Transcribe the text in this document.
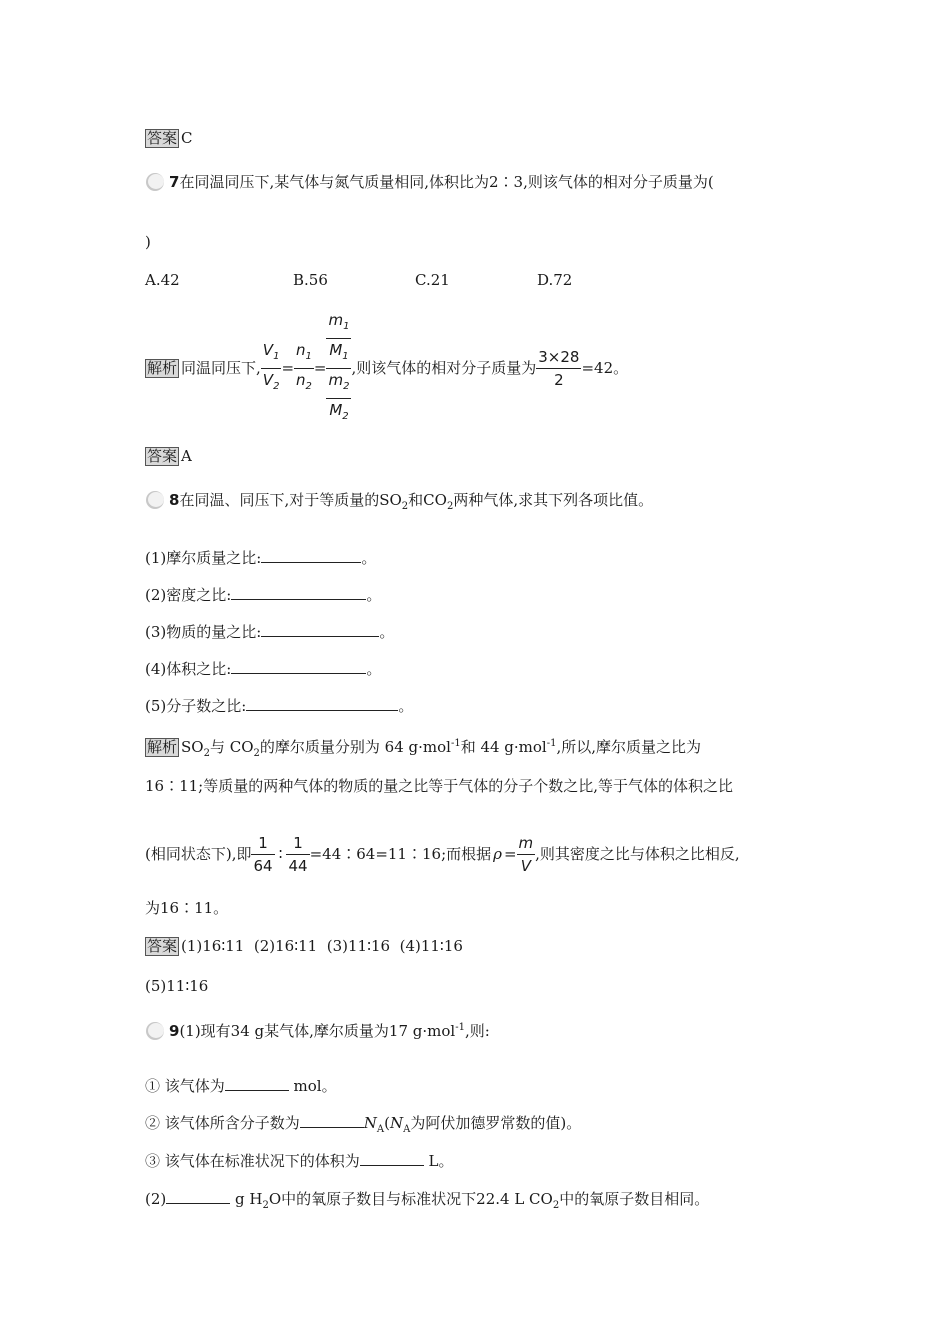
答案 C
7在同温同压下,某气体与氮气质量相同,体积比为2∶3,则该气体的相对分子质量为(
)
A.42	B.56	C.21	D.72
解析 同温同压下, $\frac{V_1}{V_2} = \frac{n_1}{n_2} = \frac{\frac{m_1}{M_1}}{\frac{m_2}{M_2}}$ ,则该气体的相对分子质量为 $\frac{3\times 28}{2} =42$。
答案 A
8在同温、同压下,对于等质量的$SO_2$和$CO_2$两种气体,求其下列各项比值。
(1)摩尔质量之比:	。
(2)密度之比:	。
(3)物质的量之比:	。
(4)体积之比:	。
(5)分子数之比:	。
解析 $SO_2$与 $CO_2$的摩尔质量分别为 64 g·mol$^{-1}$和 44 g·mol$^{-1}$,所以,摩尔质量之比为
16∶11;等质量的两种气体的物质的量之比等于气体的分子个数之比,等于气体的体积之比
(相同状态下),即 $\frac{1}{64}$ ∶ $\frac{1}{44}$ =44∶64=11∶16;而根据 $\rho = \frac{m}{V}$ ,则其密度之比与体积之比相反,
为16∶11。
答案 (1)16∶11  (2)16∶11  (3)11∶16  (4)11∶16
(5)11∶16
9(1)现有34 g某气体,摩尔质量为17 g·mol$^{-1}$,则:
① 该气体为	mol。
② 该气体所含分子数为	$N_A(N_A$为阿伏加德罗常数的值)。
③ 该气体在标准状况下的体积为	L。
(2)	g $H_2O$中的氧原子数目与标准状况下22.4 L $CO_2$中的氧原子数目相同。
